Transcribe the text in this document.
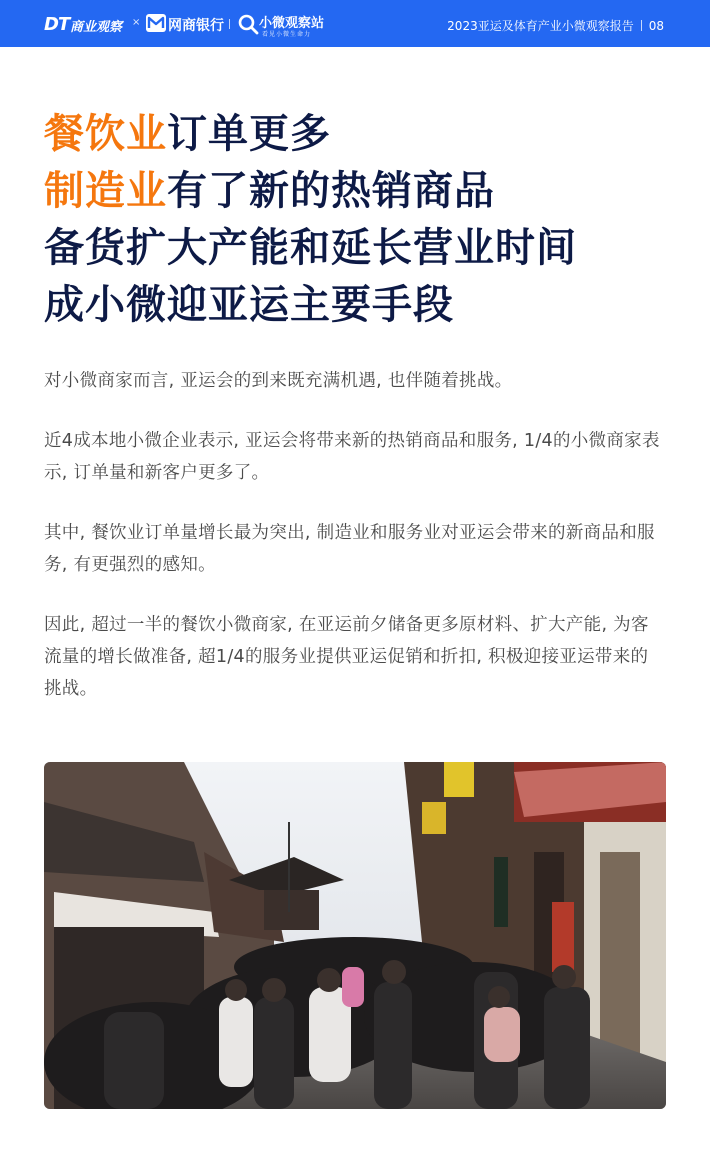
DT 商业观察 × 网商银行	小微观察站
看见小微生命力
2023亚运及体育产业小微观察报告 08
餐饮业订单更多
制造业有了新的热销商品
备货扩大产能和延长营业时间
成小微迎亚运主要手段

对小微商家而言, 亚运会的到来既充满机遇, 也伴随着挑战。

近4成本地小微企业表示, 亚运会将带来新的热销商品和服务, 1/4的小微商家表示, 订单量和新客户更多了。

其中, 餐饮业订单量增长最为突出, 制造业和服务业对亚运会带来的新商品和服务, 有更强烈的感知。

因此, 超过一半的餐饮小微商家, 在亚运前夕储备更多原材料、扩大产能, 为客流量的增长做准备, 超1/4的服务业提供亚运促销和折扣, 积极迎接亚运带来的挑战。
